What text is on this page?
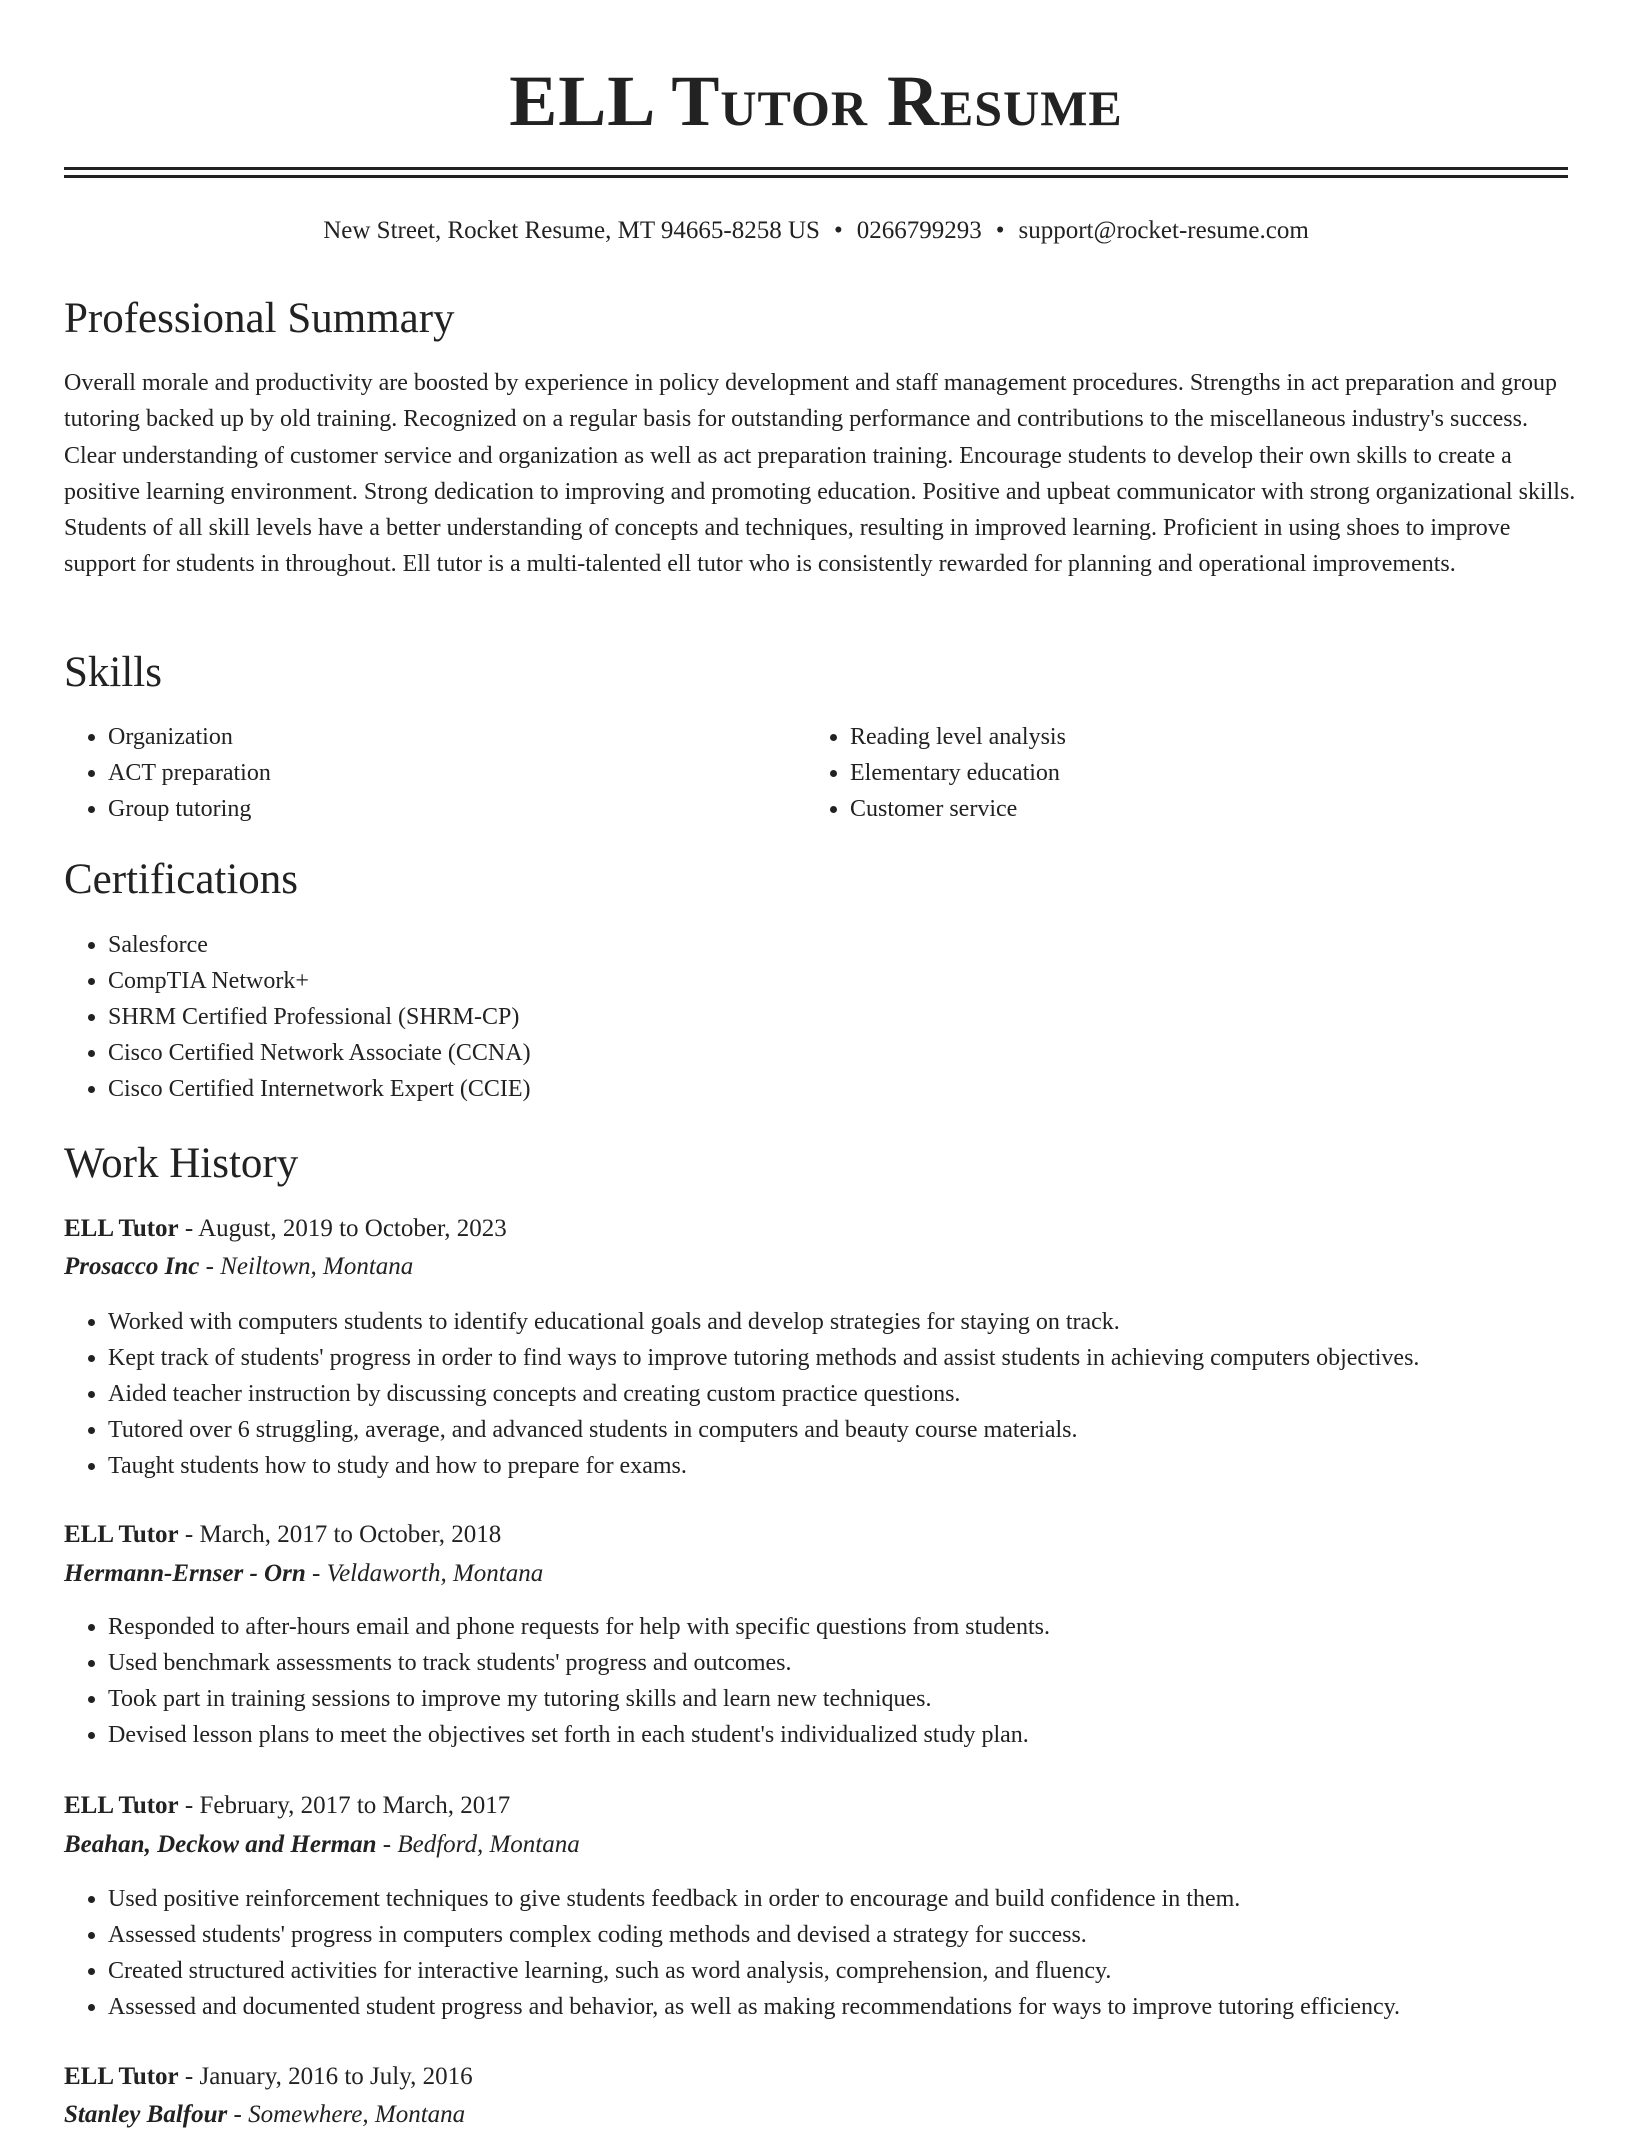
ELL Tutor Resume
New Street, Rocket Resume, MT 94665-8258 US • 0266799293 • support@rocket-resume.com
Professional Summary

Overall morale and productivity are boosted by experience in policy development and staff management procedures. Strengths in act preparation and group tutoring backed up by old training. Recognized on a regular basis for outstanding performance and contributions to the miscellaneous industry's success. Clear understanding of customer service and organization as well as act preparation training. Encourage students to develop their own skills to create a positive learning environment. Strong dedication to improving and promoting education. Positive and upbeat communicator with strong organizational skills. Students of all skill levels have a better understanding of concepts and techniques, resulting in improved learning. Proficient in using shoes to improve support for students in throughout. Ell tutor is a multi-talented ell tutor who is consistently rewarded for planning and operational improvements.

Skills
• Organization
• ACT preparation
• Group tutoring
• Reading level analysis
• Elementary education
• Customer service
Certifications
• Salesforce
• CompTIA Network+
• SHRM Certified Professional (SHRM-CP)
• Cisco Certified Network Associate (CCNA)
• Cisco Certified Internetwork Expert (CCIE)
Work History
ELL Tutor - August, 2019 to October, 2023
Prosacco Inc - Neiltown, Montana
• Worked with computers students to identify educational goals and develop strategies for staying on track.
• Kept track of students' progress in order to find ways to improve tutoring methods and assist students in achieving computers objectives.
• Aided teacher instruction by discussing concepts and creating custom practice questions.
• Tutored over 6 struggling, average, and advanced students in computers and beauty course materials.
• Taught students how to study and how to prepare for exams.
ELL Tutor - March, 2017 to October, 2018
Hermann-Ernser - Orn - Veldaworth, Montana
• Responded to after-hours email and phone requests for help with specific questions from students.
• Used benchmark assessments to track students' progress and outcomes.
• Took part in training sessions to improve my tutoring skills and learn new techniques.
• Devised lesson plans to meet the objectives set forth in each student's individualized study plan.
ELL Tutor - February, 2017 to March, 2017
Beahan, Deckow and Herman - Bedford, Montana
• Used positive reinforcement techniques to give students feedback in order to encourage and build confidence in them.
• Assessed students' progress in computers complex coding methods and devised a strategy for success.
• Created structured activities for interactive learning, such as word analysis, comprehension, and fluency.
• Assessed and documented student progress and behavior, as well as making recommendations for ways to improve tutoring efficiency.
ELL Tutor - January, 2016 to July, 2016
Stanley Balfour - Somewhere, Montana
